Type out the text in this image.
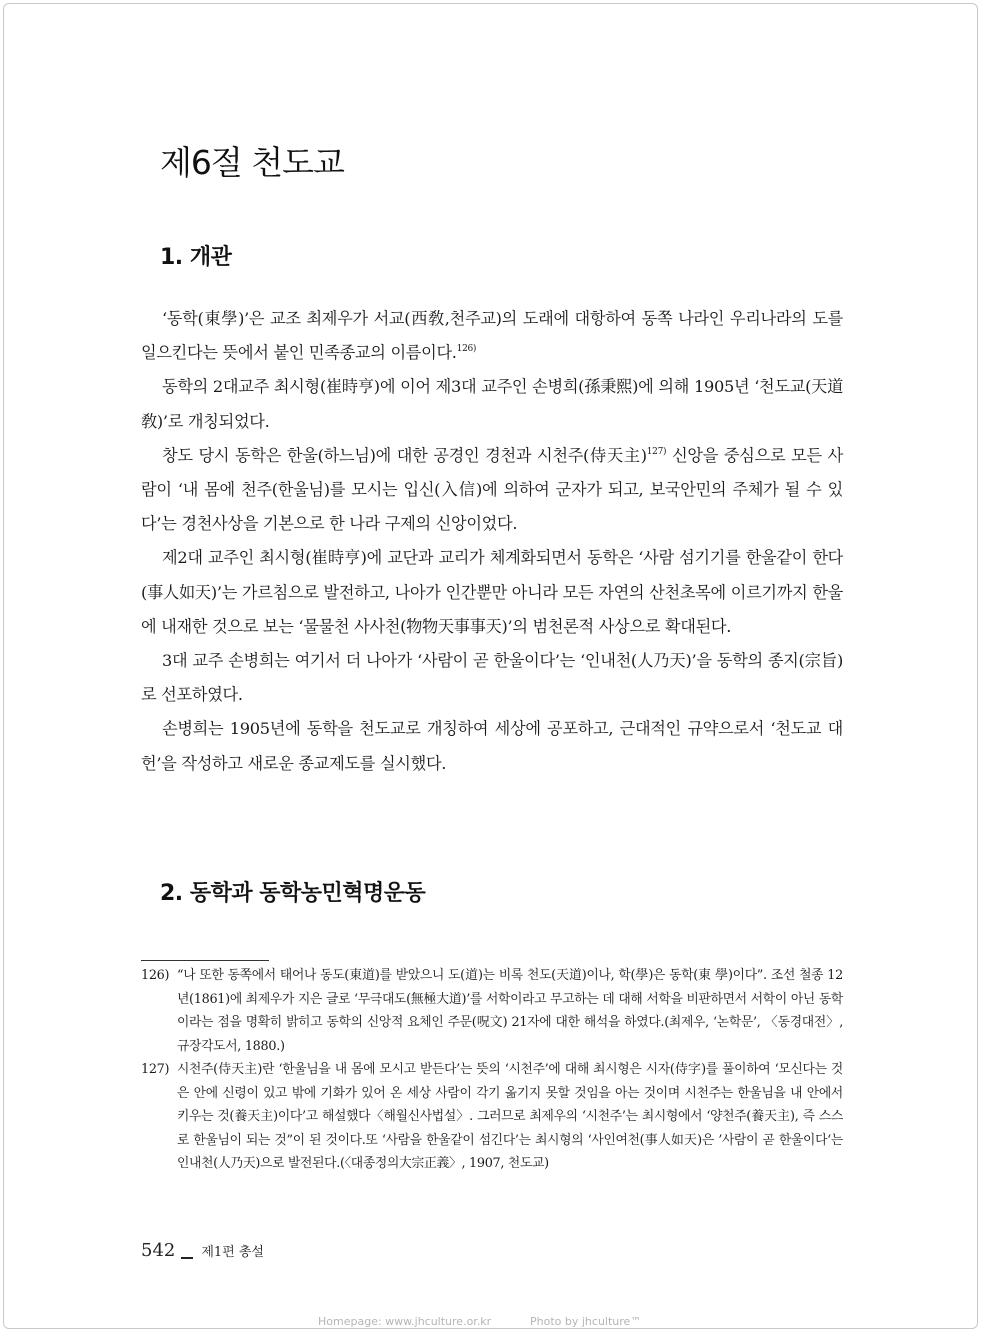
제6절 천도교
1. 개관

‘동학(東學)’은 교조 최제우가 서교(西敎,천주교)의 도래에 대항하여 동쪽 나라인 우리나라의 도를 일으킨다는 뜻에서 붙인 민족종교의 이름이다.$^{126)}$

동학의 2대교주 최시형(崔時亨)에 이어 제3대 교주인 손병희(孫秉熙)에 의해 1905년 ‘천도교(天道敎)’로 개칭되었다.

창도 당시 동학은 한울(하느님)에 대한 공경인 경천과 시천주(侍天主)$^{127)}$ 신앙을 중심으로 모든 사람이 ‘내 몸에 천주(한울님)를 모시는 입신(入信)에 의하여 군자가 되고, 보국안민의 주체가 될 수 있다’는 경천사상을 기본으로 한 나라 구제의 신앙이었다.

제2대 교주인 최시형(崔時亨)에 교단과 교리가 체계화되면서 동학은 ‘사람 섬기기를 한울같이 한다(事人如天)’는 가르침으로 발전하고, 나아가 인간뿐만 아니라 모든 자연의 산천초목에 이르기까지 한울에 내재한 것으로 보는 ‘물물천 사사천(物物天事事天)’의 범천론적 사상으로 확대된다.

3대 교주 손병희는 여기서 더 나아가 ‘사람이 곧 한울이다’는 ‘인내천(人乃天)’을 동학의 종지(宗旨)로 선포하였다.

손병희는 1905년에 동학을 천도교로 개칭하여 세상에 공포하고, 근대적인 규약으로서 ‘천도교 대헌’을 작성하고 새로운 종교제도를 실시했다.

2. 동학과 동학농민혁명운동
126) “나 또한 동쪽에서 태어나 동도(東道)를 받았으니 도(道)는 비록 천도(天道)이나, 학(學)은 동학(東 學)이다”. 조선 철종 12년(1861)에 최제우가 지은 글로 ‘무극대도(無極大道)’를 서학이라고 무고하는 데 대해 서학을 비판하면서 서학이 아닌 동학이라는 점을 명확히 밝히고 동학의 신앙적 요체인 주문(呪文) 21자에 대한 해석을 하였다.(최제우, ‘논학문’, 〈동경대전〉, 규장각도서, 1880.)
127) 시천주(侍天主)란 ‘한울님을 내 몸에 모시고 받든다’는 뜻의 ‘시천주’에 대해 최시형은 시자(侍字)를 풀이하여 ‘모신다는 것은 안에 신령이 있고 밖에 기화가 있어 온 세상 사람이 각기 옮기지 못할 것임을 아는 것이며 시천주는 한울님을 내 안에서 키우는 것(養天主)이다’고 해설했다〈해월신사법설〉. 그러므로 최제우의 ‘시천주’는 최시형에서 ‘양천주(養天主), 즉 스스로 한울님이 되는 것”이 된 것이다.또 ‘사람을 한울같이 섬긴다’는 최시형의 ‘사인여천(事人如天)은 ’사람이 곧 한울이다‘는 인내천(人乃天)으로 발전된다.(〈대종정의大宗正義〉, 1907, 천도교)
542 제1편 총설
Homepage: www.jhculture.or.kr	Photo by jhculture™
